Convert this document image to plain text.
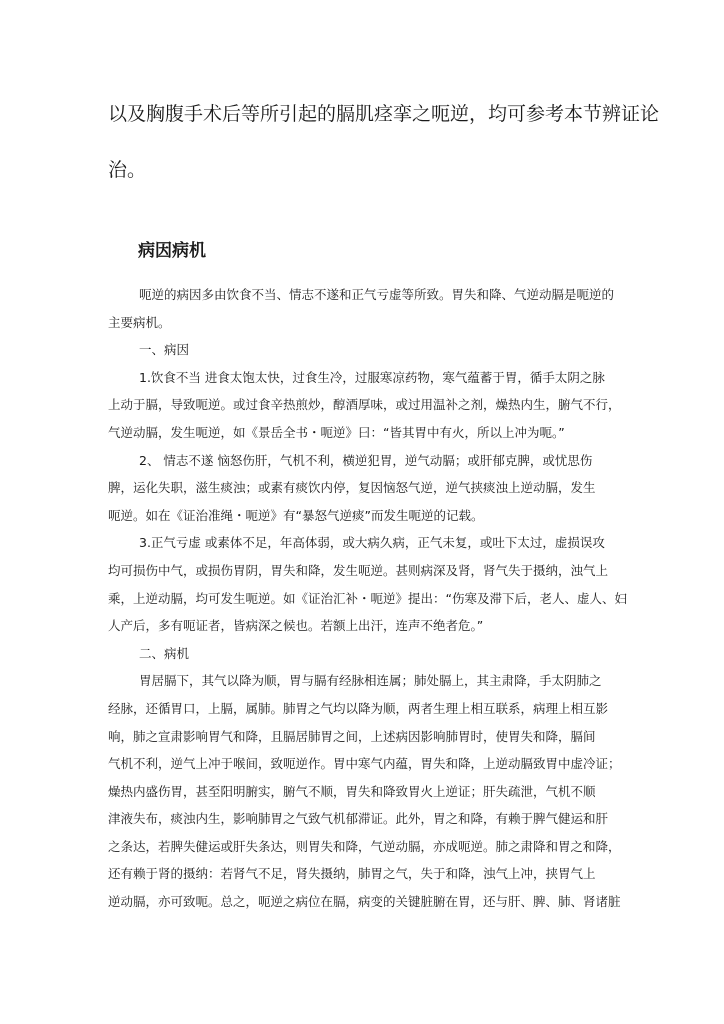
以及胸腹手术后等所引起的膈肌痉挛之呃逆，均可参考本节辨证论
治。
病因病机
呃逆的病因多由饮食不当、情志不遂和正气亏虚等所致。胃失和降、气逆动膈是呃逆的
主要病机。
一、病因
1.饮食不当 进食太饱太快，过食生冷，过服寒凉药物，寒气蕴蓄于胃，循手太阴之脉
上动于膈，导致呃逆。或过食辛热煎炒，醇酒厚味，或过用温补之剂，燥热内生，腑气不行，
气逆动膈，发生呃逆，如《景岳全书・呃逆》曰：“皆其胃中有火，所以上冲为呃。”
2、 情志不遂 恼怒伤肝，气机不利，横逆犯胃，逆气动膈；或肝郁克脾，或忧思伤
脾，运化失职，滋生痰浊；或素有痰饮内停，复因恼怒气逆，逆气挟痰浊上逆动膈，发生
呃逆。如在《证治准绳・呃逆》有“暴怒气逆痰”而发生呃逆的记载。
3.正气亏虚 或素体不足，年高体弱，或大病久病，正气未复，或吐下太过，虚损误攻
均可损伤中气，或损伤胃阴，胃失和降，发生呃逆。甚则病深及肾，肾气失于摄纳，浊气上
乘，上逆动膈，均可发生呃逆。如《证治汇补・呃逆》提出：“伤寒及滞下后，老人、虚人、妇
人产后，多有呃证者，皆病深之候也。若额上出汗，连声不绝者危。”
二、病机
胃居膈下，其气以降为顺，胃与膈有经脉相连属；肺处膈上，其主肃降，手太阴肺之
经脉，还循胃口，上膈，属肺。肺胃之气均以降为顺，两者生理上相互联系，病理上相互影
响，肺之宣肃影响胃气和降，且膈居肺胃之间，上述病因影响肺胃时，使胃失和降，膈间
气机不利，逆气上冲于喉间，致呃逆作。胃中寒气内蕴，胃失和降，上逆动膈致胃中虚冷证；
燥热内盛伤胃，甚至阳明腑实，腑气不顺，胃失和降致胃火上逆证；肝失疏泄，气机不顺
津液失布，痰浊内生，影响肺胃之气致气机郁滞证。此外，胃之和降，有赖于脾气健运和肝
之条达，若脾失健运或肝失条达，则胃失和降，气逆动膈，亦成呃逆。肺之肃降和胃之和降，
还有赖于肾的摄纳：若肾气不足，肾失摄纳，肺胃之气，失于和降，浊气上冲，挟胃气上
逆动膈，亦可致呃。总之，呃逆之病位在膈，病变的关键脏腑在胃，还与肝、脾、肺、肾诸脏
